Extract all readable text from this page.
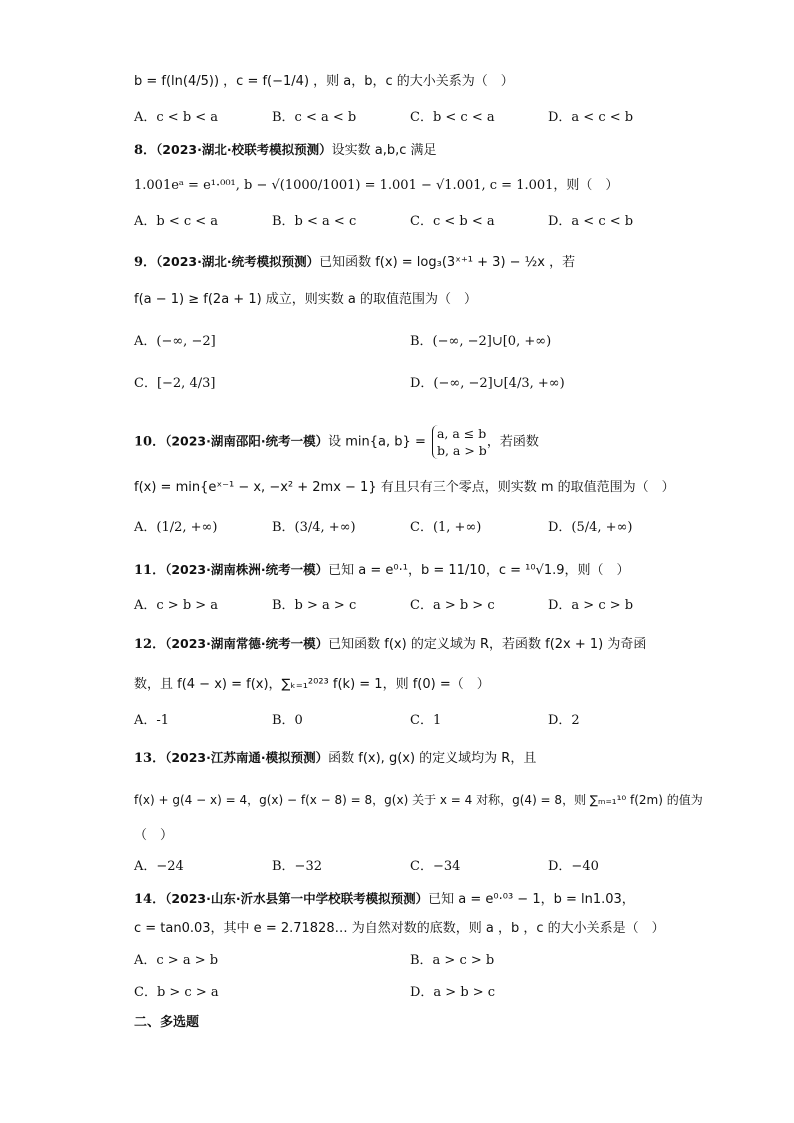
b = f(ln(4/5)) ，c = f(−1/4) ，则 a，b，c 的大小关系为（　）
A．c < b < a	B．c < a < b	C．b < c < a	D．a < c < b
8．（2023·湖北·校联考模拟预测）设实数 a,b,c 满足
1.001eᵃ = e¹·⁰⁰¹, b − √(1000/1001) = 1.001 − √1.001, c = 1.001，则（　）
A．b < c < a	B．b < a < c	C．c < b < a	D．a < c < b
9．（2023·湖北·统考模拟预测）已知函数 f(x) = log₃(3ˣ⁺¹ + 3) − ½x ，若
f(a − 1) ≥ f(2a + 1) 成立，则实数 a 的取值范围为（　）
A．(−∞, −2]	B．(−∞, −2]∪[0, +∞)
C．[−2, 4/3]	D．(−∞, −2]∪[4/3, +∞)
10．（2023·湖南邵阳·统考一模）设 min{a, b} =
a, a ≤ b
b, a > b
，若函数
f(x) = min{eˣ⁻¹ − x, −x² + 2mx − 1} 有且只有三个零点，则实数 m 的取值范围为（　）
A．(1/2, +∞)	B．(3/4, +∞)	C．(1, +∞)	D．(5/4, +∞)
11．（2023·湖南株洲·统考一模）已知 a = e⁰·¹，b = 11/10，c = ¹⁰√1.9，则（　）
A．c > b > a	B．b > a > c	C．a > b > c	D．a > c > b
12．（2023·湖南常德·统考一模）已知函数 f(x) 的定义域为 R，若函数 f(2x + 1) 为奇函
数，且 f(4 − x) = f(x)，∑ₖ₌₁²⁰²³ f(k) = 1，则 f(0) =（　）
A．-1	B．0	C．1	D．2
13．（2023·江苏南通·模拟预测）函数 f(x), g(x) 的定义域均为 R，且
f(x) + g(4 − x) = 4，g(x) − f(x − 8) = 8，g(x) 关于 x = 4 对称，g(4) = 8，则 ∑ₘ₌₁¹⁰ f(2m) 的值为
（　）
A．−24	B．−32	C．−34	D．−40
14．（2023·山东·沂水县第一中学校联考模拟预测）已知 a = e⁰·⁰³ − 1，b = ln1.03，
c = tan0.03，其中 e = 2.71828… 为自然对数的底数，则 a ，b ，c 的大小关系是（　）
A．c > a > b	B．a > c > b
C．b > c > a	D．a > b > c
二、多选题
